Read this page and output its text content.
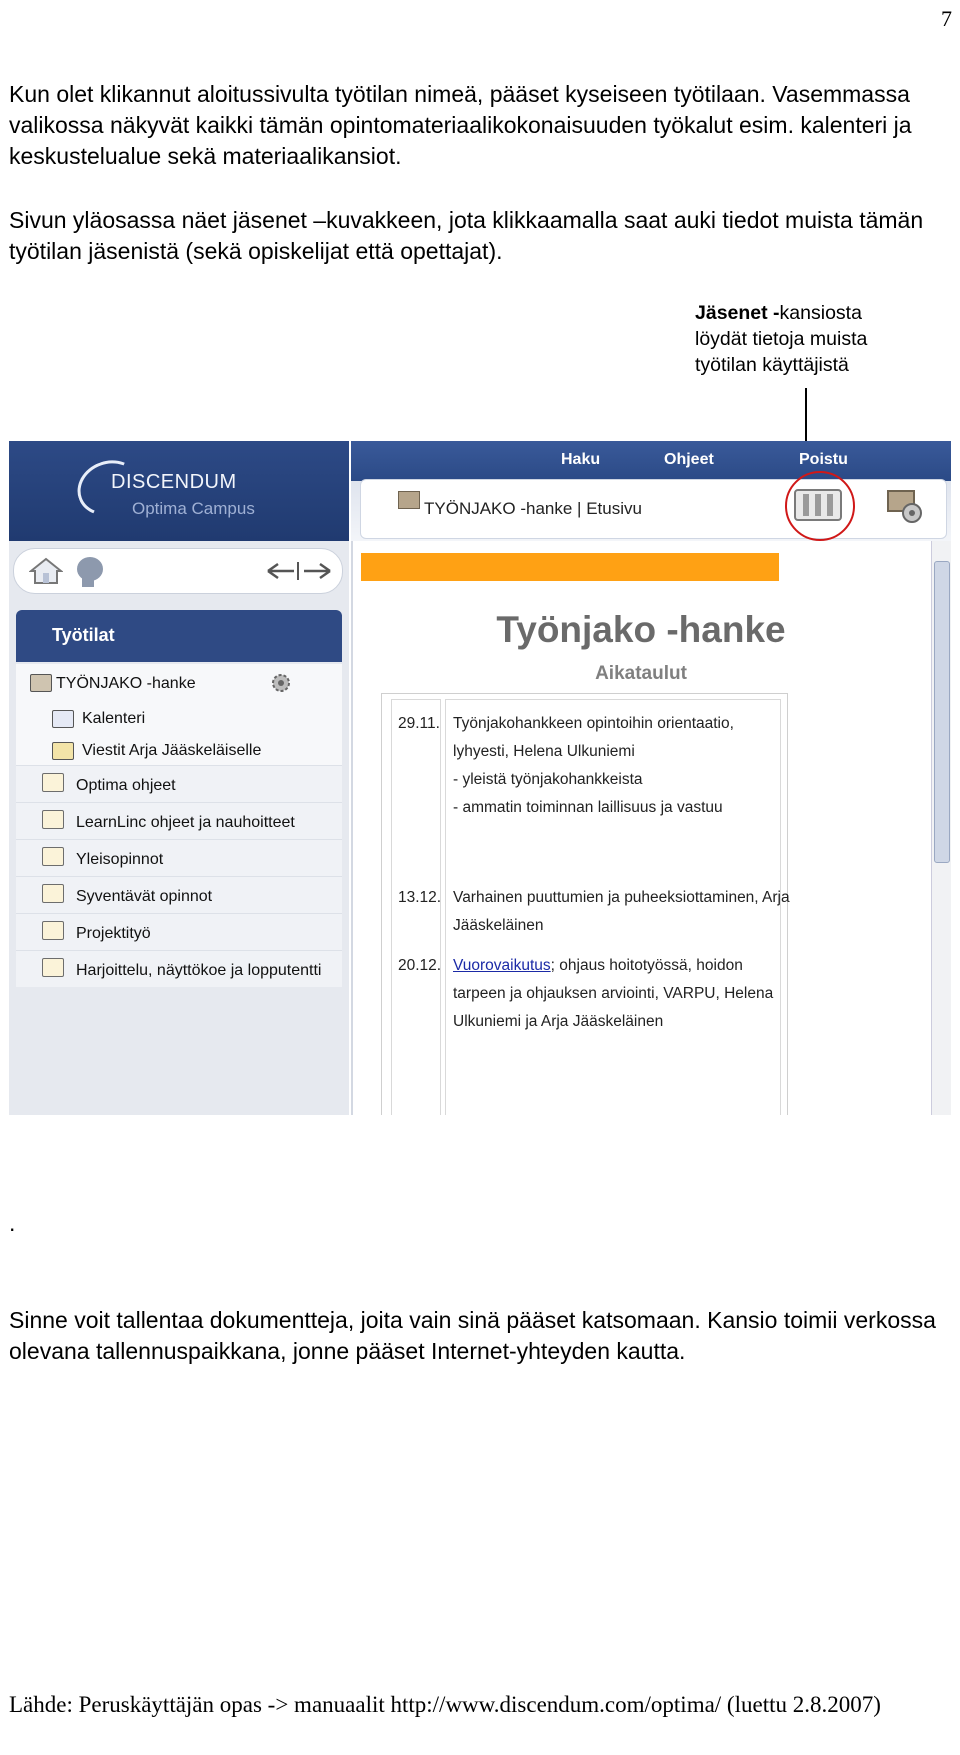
7

Kun olet klikannut aloitussivulta työtilan nimeä, pääset kyseiseen työtilaan. Vasemmassa valikossa näkyvät kaikki tämän opintomateriaalikokonaisuuden työkalut esim. kalenteri ja keskustelualue sekä materiaalikansiot.

Sivun yläosassa näet jäsenet –kuvakkeen, jota klikkaamalla saat auki tiedot muista tämän työtilan jäsenistä (sekä opiskelijat että opettajat).

Jäsenet -kansiosta
löydät tietoja muista
työtilan käyttäjistä
DISCENDUM
Optima Campus
Haku	Ohjeet	Poistu
TYÖNJAKO -hanke | Etusivu
Työtilat
TYÖNJAKO -hanke
Kalenteri
Viestit Arja Jääskeläiselle
Optima ohjeet
LearnLinc ohjeet ja nauhoitteet
Yleisopinnot
Syventävät opinnot
Projektityö
Harjoittelu, näyttökoe ja lopputentti
Työnjako -hanke
Aikataulut
29.11. Työnjakohankkeen opintoihin orientaatio,
lyhyesti, Helena Ulkuniemi
- yleistä työnjakohankkeista
- ammatin toiminnan laillisuus ja vastuu
13.12. Varhainen puuttumien ja puheeksiottaminen, Arja
Jääskeläinen
20.12. Vuorovaikutus; ohjaus hoitotyössä, hoidon
tarpeen ja ohjauksen arviointi, VARPU, Helena
Ulkuniemi ja Arja Jääskeläinen
.

Sinne voit tallentaa dokumentteja, joita vain sinä pääset katsomaan. Kansio toimii verkossa olevana tallennuspaikkana, jonne pääset Internet-yhteyden kautta.

Lähde: Peruskäyttäjän opas -> manuaalit http://www.discendum.com/optima/ (luettu 2.8.2007)
